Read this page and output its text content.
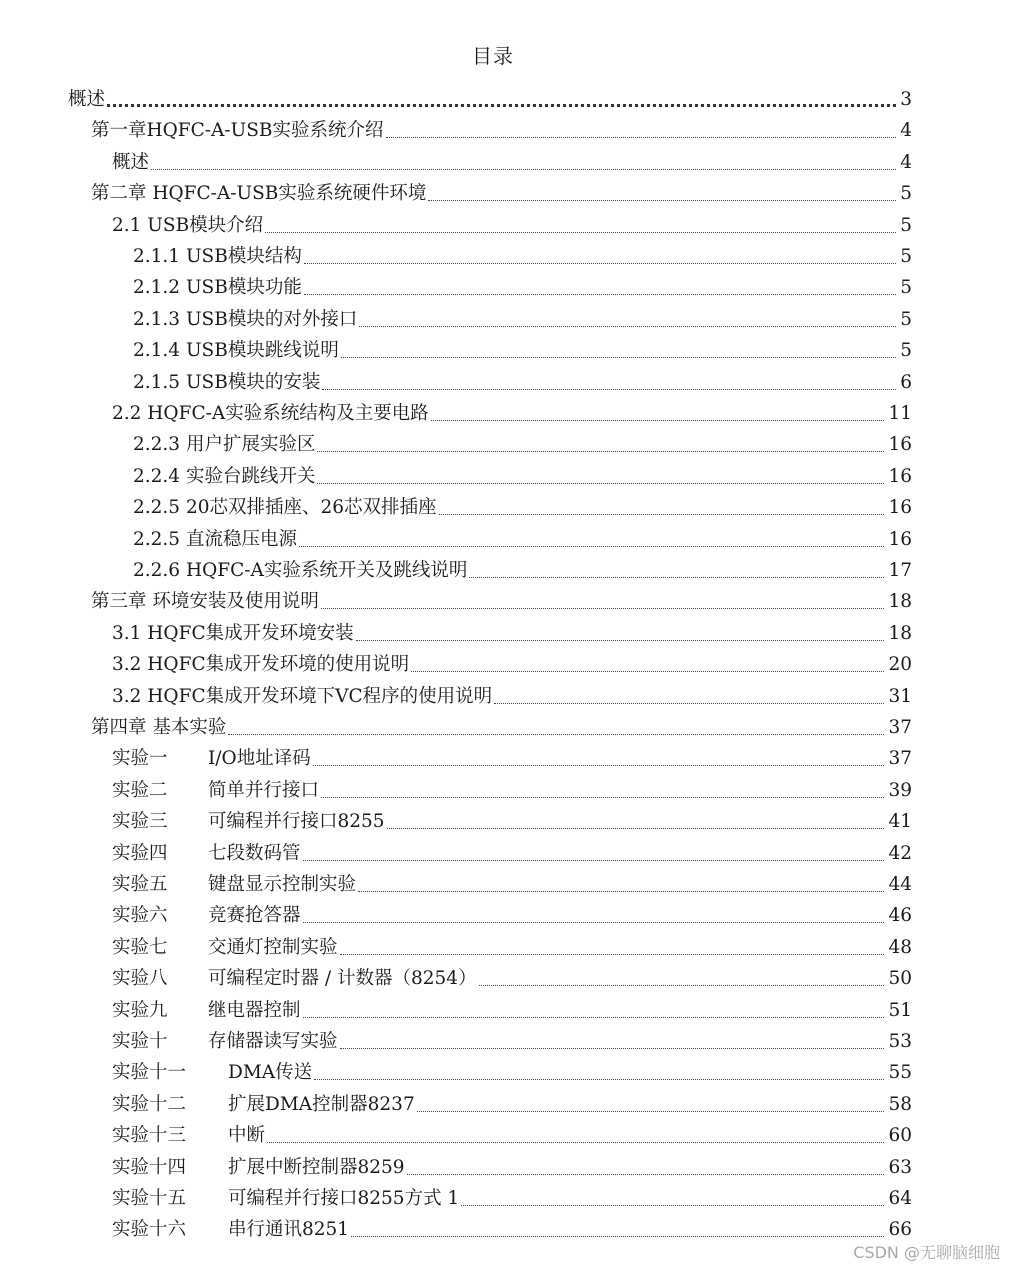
目录
概述	3
第一章HQFC-A-USB实验系统介绍	4
概述	4
第二章 HQFC-A-USB实验系统硬件环境	5
2.1 USB模块介绍	5
2.1.1 USB模块结构	5
2.1.2 USB模块功能	5
2.1.3 USB模块的对外接口	5
2.1.4 USB模块跳线说明	5
2.1.5 USB模块的安装	6
2.2 HQFC-A实验系统结构及主要电路	11
2.2.3 用户扩展实验区	16
2.2.4 实验台跳线开关	16
2.2.5 20芯双排插座、26芯双排插座	16
2.2.5 直流稳压电源	16
2.2.6 HQFC-A实验系统开关及跳线说明	17
第三章 环境安装及使用说明	18
3.1 HQFC集成开发环境安装	18
3.2 HQFC集成开发环境的使用说明	20
3.2 HQFC集成开发环境下VC程序的使用说明	31
第四章 基本实验	37
实验一	I/O地址译码	37
实验二	简单并行接口	39
实验三	可编程并行接口8255	41
实验四	七段数码管	42
实验五	键盘显示控制实验	44
实验六	竞赛抢答器	46
实验七	交通灯控制实验	48
实验八	可编程定时器 / 计数器（8254）	50
实验九	继电器控制	51
实验十	存储器读写实验	53
实验十一	DMA传送	55
实验十二	扩展DMA控制器8237	58
实验十三	中断	60
实验十四	扩展中断控制器8259	63
实验十五	可编程并行接口8255方式 1	64
实验十六	串行通讯8251	66
CSDN @无聊脑细胞
